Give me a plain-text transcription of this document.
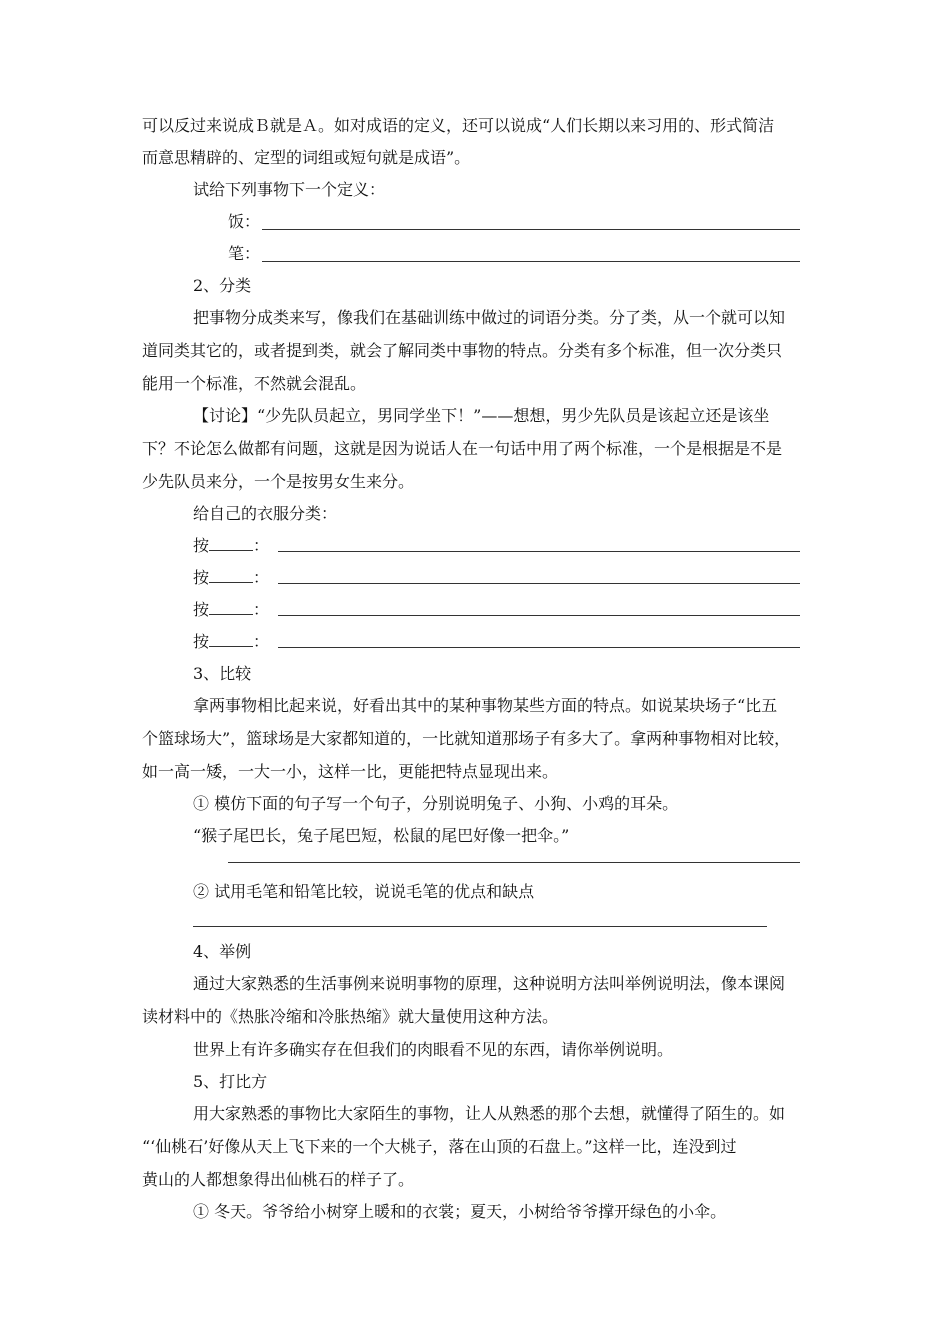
可以反过来说成Ｂ就是Ａ。如对成语的定义，还可以说成“人们长期以来习用的、形式简洁
而意思精辟的、定型的词组或短句就是成语”。
试给下列事物下一个定义：
饭：
笔：
2、分类
把事物分成类来写，像我们在基础训练中做过的词语分类。分了类，从一个就可以知
道同类其它的，或者提到类，就会了解同类中事物的特点。分类有多个标准，但一次分类只
能用一个标准，不然就会混乱。
【讨论】“少先队员起立，男同学坐下！”——想想，男少先队员是该起立还是该坐
下？不论怎么做都有问题，这就是因为说话人在一句话中用了两个标准，一个是根据是不是
少先队员来分，一个是按男女生来分。
给自己的衣服分类：
按	：
按	：
按	：
按	：
3、比较
拿两事物相比起来说，好看出其中的某种事物某些方面的特点。如说某块场子“比五
个篮球场大”，篮球场是大家都知道的，一比就知道那场子有多大了。拿两种事物相对比较，
如一高一矮，一大一小，这样一比，更能把特点显现出来。
① 模仿下面的句子写一个句子，分别说明兔子、小狗、小鸡的耳朵。
“猴子尾巴长，兔子尾巴短，松鼠的尾巴好像一把伞。”
② 试用毛笔和铅笔比较，说说毛笔的优点和缺点
4、举例
通过大家熟悉的生活事例来说明事物的原理，这种说明方法叫举例说明法，像本课阅
读材料中的《热胀冷缩和冷胀热缩》就大量使用这种方法。
世界上有许多确实存在但我们的肉眼看不见的东西，请你举例说明。
5、打比方
用大家熟悉的事物比大家陌生的事物，让人从熟悉的那个去想，就懂得了陌生的。如
“‘仙桃石’好像从天上飞下来的一个大桃子，落在山顶的石盘上。”这样一比，连没到过
黄山的人都想象得出仙桃石的样子了。
① 冬天。爷爷给小树穿上暖和的衣裳；夏天，小树给爷爷撑开绿色的小伞。
